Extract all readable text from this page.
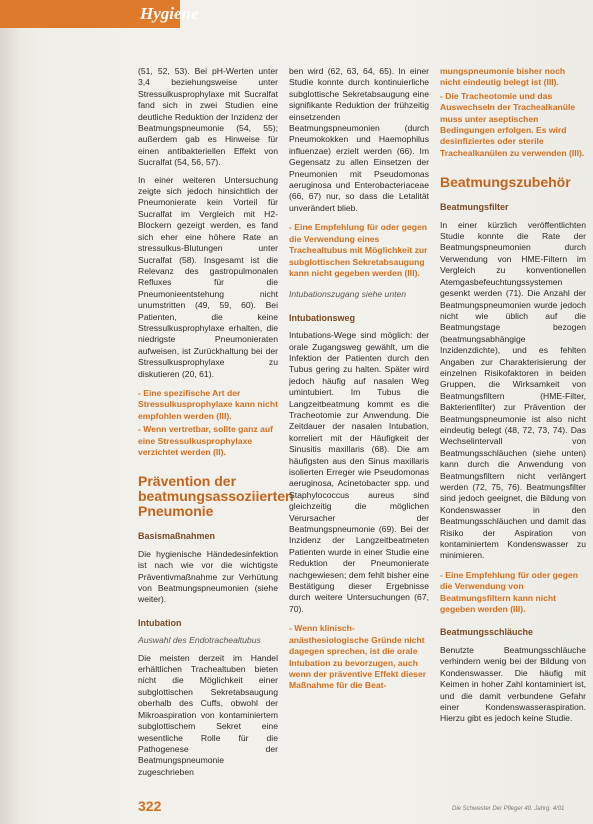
Hygiene

(51, 52, 53). Bei pH-Werten unter 3,4 beziehungsweise unter Stressulkusprophylaxe mit Sucralfat fand sich in zwei Studien eine deutliche Reduktion der Inzidenz der Beatmungspneumonie (54, 55); außerdem gab es Hinweise für einen antibakteriellen Effekt von Sucralfat (54, 56, 57).

In einer weiteren Untersuchung zeigte sich jedoch hinsichtlich der Pneumonierate kein Vorteil für Sucralfat im Vergleich mit H2-Blockern gezeigt werden, es fand sich eher eine höhere Rate an stressulkus-Blutungen unter Sucralfat (58). Insgesamt ist die Relevanz des gastropulmonalen Refluxes für die Pneumonieentstehung nicht unumstritten (49, 59, 60). Bei Patienten, die keine Stressulkusprophylaxe erhalten, die niedrigste Pneumonieraten aufweisen, ist Zurückhaltung bei der Stressulkusprophylaxe zu diskutieren (20, 61).

- Eine spezifische Art der Stressulkusprophylaxe kann nicht empfohlen werden (III).
- Wenn vertretbar, sollte ganz auf eine Stressulkusprophylaxe verzichtet werden (II).
Prävention der beatmungsassoziierten Pneumonie
Basismaßnahmen

Die hygienische Händedesinfektion ist nach wie vor die wichtigste Präventivmaßnahme zur Verhütung von Beatmungspneumonien (siehe weiter).

Intubation
Auswahl des Endotrachealtubus

Die meisten derzeit im Handel erhältlichen Trachealtuben bieten nicht die Möglichkeit einer subglottischen Sekretabsaugung oberhalb des Cuffs, obwohl der Mikroaspiration von kontaminiertem subglottischem Sekret eine wesentliche Rolle für die Pathogenese der Beatmungspneumonie zugeschrieben

ben wird (62, 63, 64, 65). In einer Studie konnte durch kontinuierliche subglottische Sekretabsaugung eine signifikante Reduktion der frühzeitig einsetzenden Beatmungspneumonien (durch Pneumokokken und Haemophilus influenzae) erzielt werden (66). Im Gegensatz zu allen Einsetzen der Pneumonien mit Pseudomonas aeruginosa und Enterobacteriaceae (66, 67) nur, so dass die Letalität unverändert blieb.

- Eine Empfehlung für oder gegen die Verwendung eines Trachealtubus mit Möglichkeit zur subglottischen Sekretabsaugung kann nicht gegeben werden (III).
Intubationszugang siehe unten
Intubationsweg

Intubations-Wege sind möglich: der orale Zugangsweg gewählt, um die Infektion der Patienten durch den Tubus gering zu halten. Später wird jedoch häufig auf nasalen Weg umintubiert. Im Tubus die Langzeitbeatmung kommt es die Tracheotomie zur Anwendung. Die Zeitdauer der nasalen Intubation, korreliert mit der Häufigkeit der Sinusitis maxillaris (68). Die am häufigsten aus den Sinus maxillaris isolierten Erreger wie Pseudomonas aeruginosa, Acinetobacter spp. und Staphylococcus aureus sind gleichzeitig die möglichen Verursacher der Beatmungspneumonie (69). Bei der Inzidenz der Langzeitbeatmeten Patienten wurde in einer Studie eine Reduktion der Pneumonierate nachgewiesen; dem fehlt bisher eine Bestätigung dieser Ergebnisse durch weitere Untersuchungen (67, 70).

- Wenn klinisch-anästhesiologische Gründe nicht dagegen sprechen, ist die orale Intubation zu bevorzugen, auch wenn der präventive Effekt dieser Maßnahme für die Beat-
mungspneumonie bisher noch nicht eindeutig belegt ist (III).
- Die Tracheotomie und das Auswechseln der Trachealkanüle muss unter aseptischen Bedingungen erfolgen. Es wird desinfiziertes oder sterile Trachealkanülen zu verwenden (III).
Beatmungszubehör
Beatmungsfilter

In einer kürzlich veröffentlichten Studie konnte die Rate der Beatmungspneumonien durch Verwendung von HME-Filtern im Vergleich zu konventionellen Atemgasbefeuchtungssystemen gesenkt werden (71). Die Anzahl der Beatmungspneumonien wurde jedoch nicht wie üblich auf die Beatmungstage bezogen (beatmungsabhängige Inzidenzdichte), und es fehlten Angaben zur Charakterisierung der einzelnen Risikofaktoren in beiden Gruppen, die Wirksamkeit von Beatmungsfiltern (HME-Filter, Bakterienfilter) zur Prävention der Beatmungspneumonie ist also nicht eindeutig belegt (48, 72, 73, 74). Das Wechselintervall von Beatmungsschläuchen (siehe unten) kann durch die Anwendung von Beatmungsfiltern nicht verlängert werden (72, 75, 76). Beatmungsfilter sind jedoch geeignet, die Bildung von Kondenswasser in den Beatmungsschläuchen und damit das Risiko der Aspiration von kontaminiertem Kondenswasser zu minimieren.

- Eine Empfehlung für oder gegen die Verwendung von Beatmungsfiltern kann nicht gegeben werden (III).
Beatmungsschläuche

Benutzte Beatmungsschläuche verhindern wenig bei der Bildung von Kondenswasser. Die häufig mit Keimen in hoher Zahl kontaminiert ist, und die damit verbundene Gefahr einer Kondenswasseraspiration. Hierzu gibt es jedoch keine Studie.

322	Die Schwester Der Pfleger 40. Jahrg. 4/01
